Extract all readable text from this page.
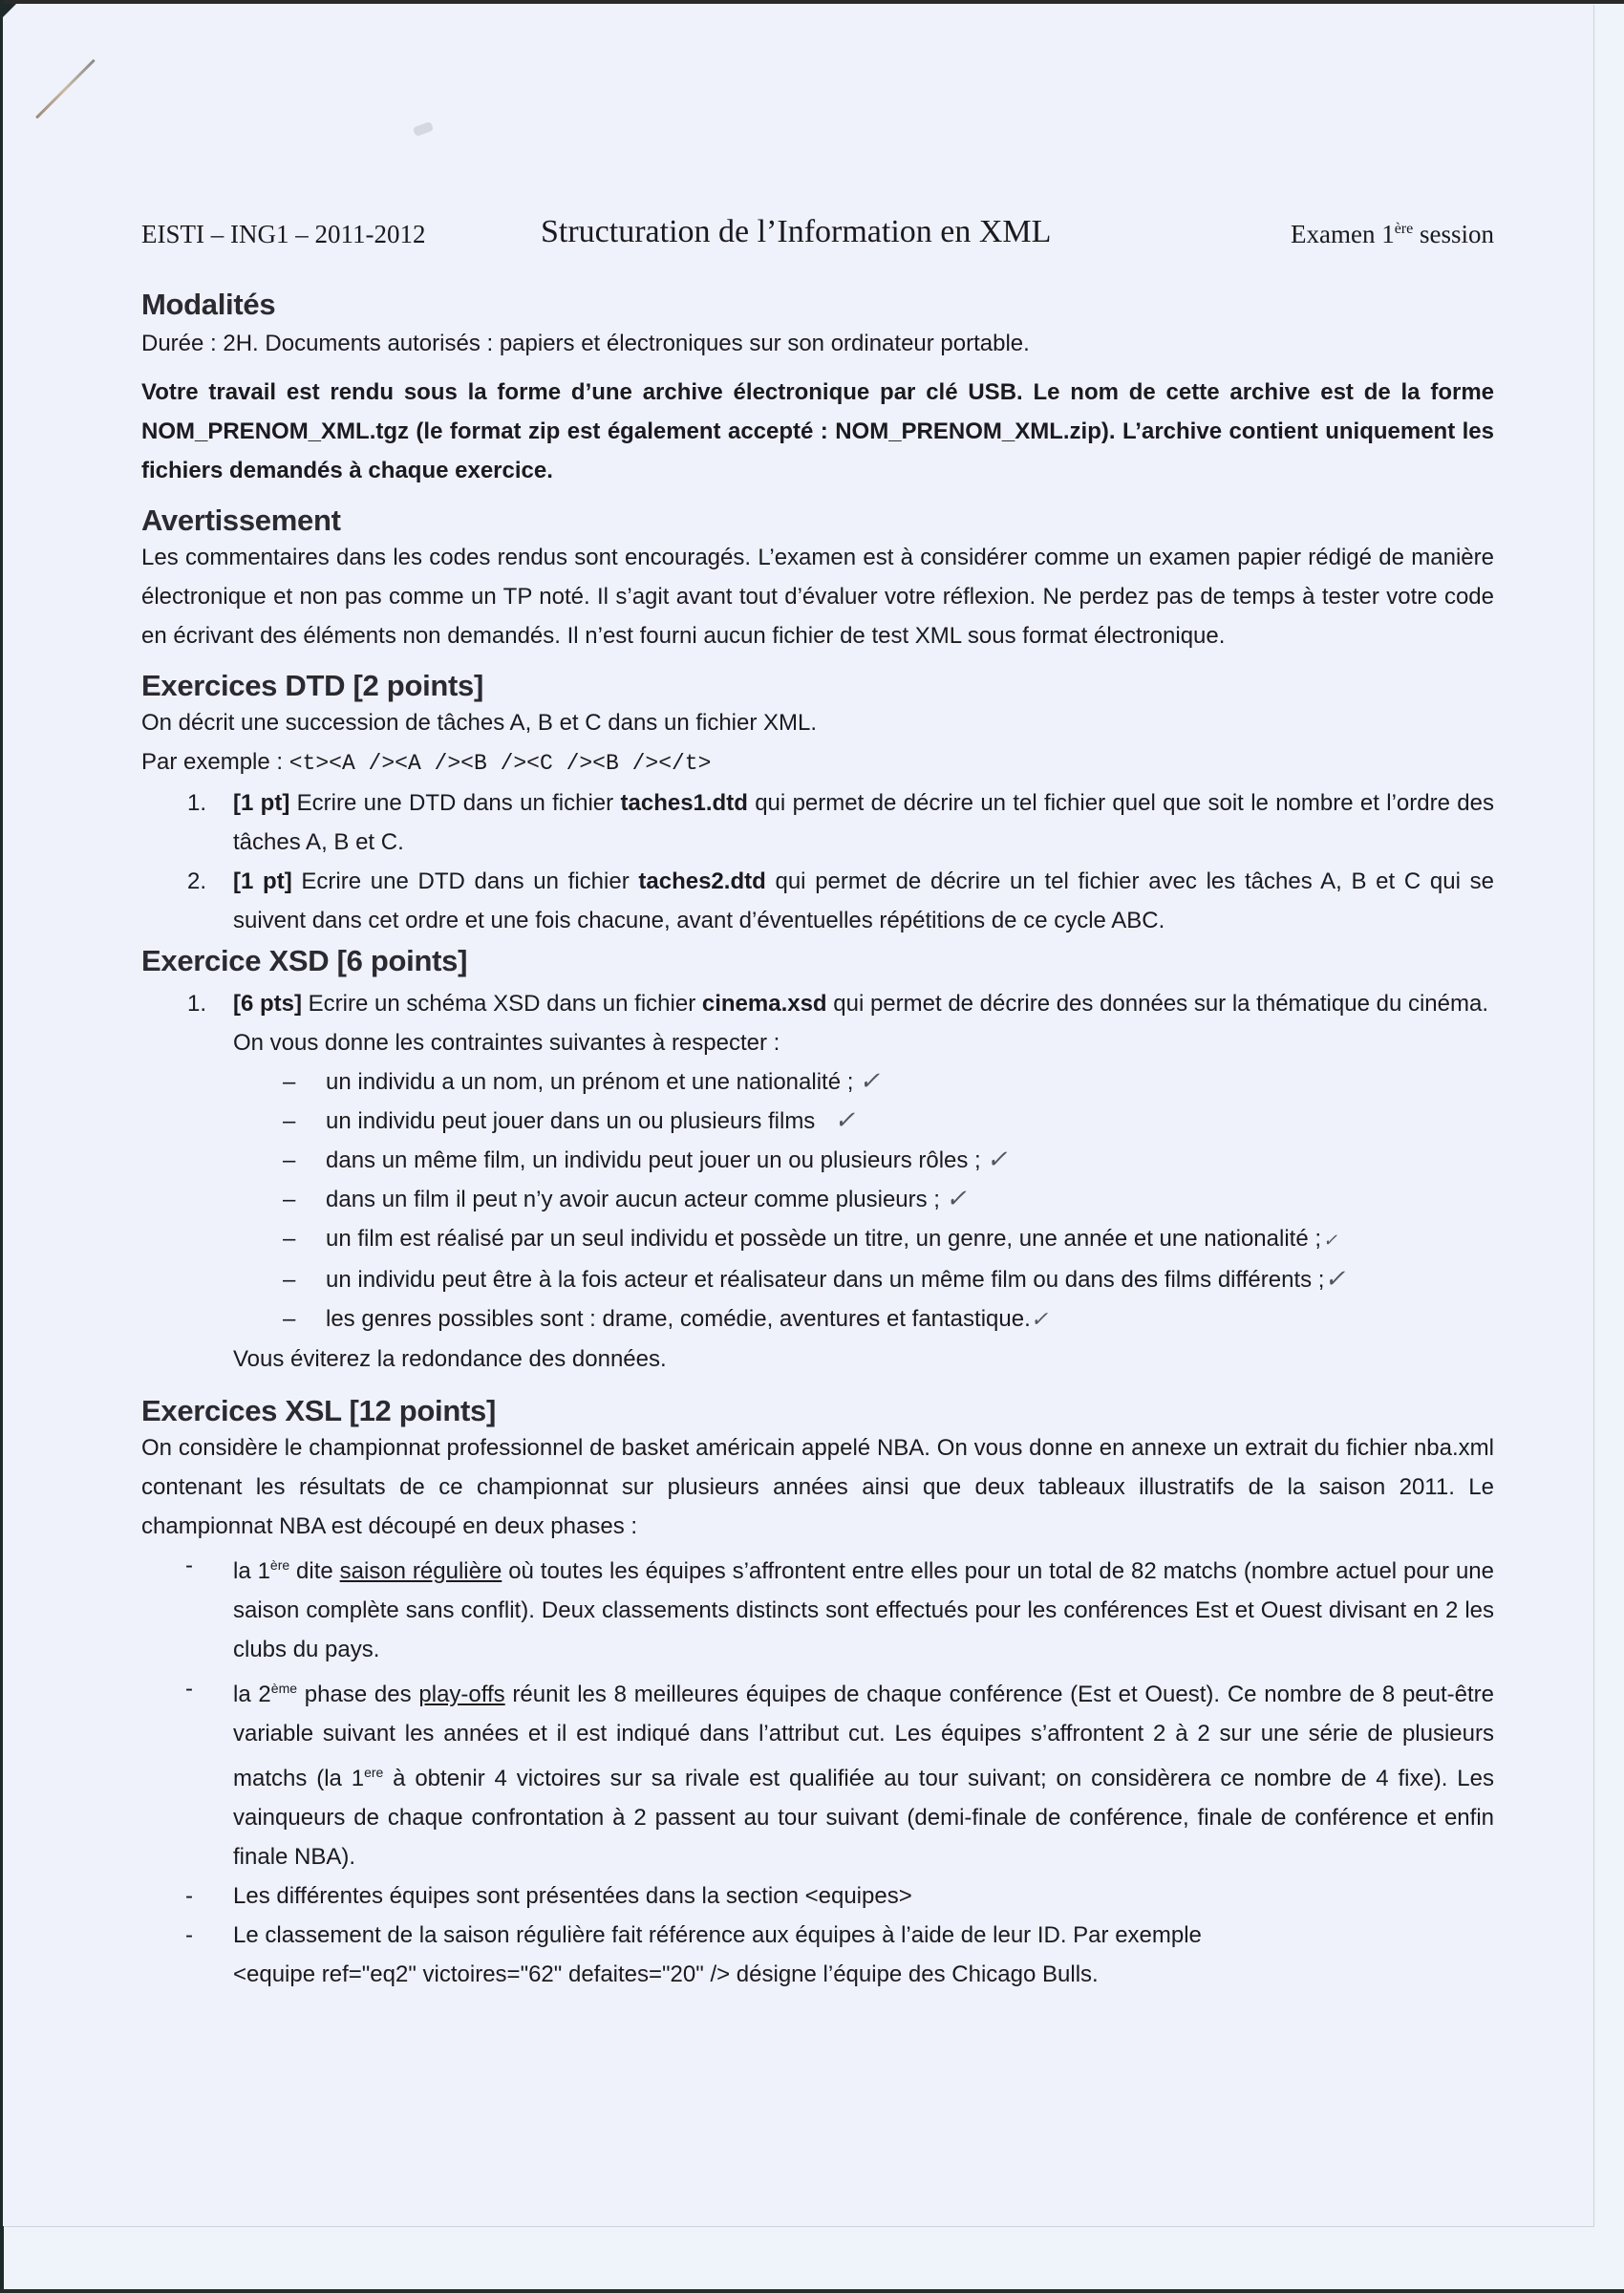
EISTI – ING1 – 2011-2012	Structuration de l’Information en XML	Examen 1ère session
Modalités

Durée : 2H. Documents autorisés : papiers et électroniques sur son ordinateur portable.

Votre travail est rendu sous la forme d’une archive électronique par clé USB. Le nom de cette archive est de la forme NOM_PRENOM_XML.tgz (le format zip est également accepté : NOM_PRENOM_XML.zip). L’archive contient uniquement les fichiers demandés à chaque exercice.

Avertissement

Les commentaires dans les codes rendus sont encouragés. L’examen est à considérer comme un examen papier rédigé de manière électronique et non pas comme un TP noté. Il s’agit avant tout d’évaluer votre réflexion. Ne perdez pas de temps à tester votre code en écrivant des éléments non demandés. Il n’est fourni aucun fichier de test XML sous format électronique.

Exercices DTD [2 points]

On décrit une succession de tâches A, B et C dans un fichier XML.

Par exemple : <t><A /><A /><B /><C /><B /></t>

1. [1 pt] Ecrire une DTD dans un fichier taches1.dtd qui permet de décrire un tel fichier quel que soit le nombre et l’ordre des tâches A, B et C.
2. [1 pt] Ecrire une DTD dans un fichier taches2.dtd qui permet de décrire un tel fichier avec les tâches A, B et C qui se suivent dans cet ordre et une fois chacune, avant d’éventuelles répétitions de ce cycle ABC.
Exercice XSD [6 points]
1. [6 pts] Ecrire un schéma XSD dans un fichier cinema.xsd qui permet de décrire des données sur la thématique du cinéma. On vous donne les contraintes suivantes à respecter :
– un individu a un nom, un prénom et une nationalité ; ✓
– un individu peut jouer dans un ou plusieurs films ✓
– dans un même film, un individu peut jouer un ou plusieurs rôles ; ✓
– dans un film il peut n’y avoir aucun acteur comme plusieurs ; ✓
– un film est réalisé par un seul individu et possède un titre, un genre, une année et une nationalité ; ✓
– un individu peut être à la fois acteur et réalisateur dans un même film ou dans des films différents ;✓
– les genres possibles sont : drame, comédie, aventures et fantastique.✓

Vous éviterez la redondance des données.

Exercices XSL [12 points]

On considère le championnat professionnel de basket américain appelé NBA. On vous donne en annexe un extrait du fichier nba.xml contenant les résultats de ce championnat sur plusieurs années ainsi que deux tableaux illustratifs de la saison 2011. Le championnat NBA est découpé en deux phases :

- la 1ère dite saison régulière où toutes les équipes s’affrontent entre elles pour un total de 82 matchs (nombre actuel pour une saison complète sans conflit). Deux classements distincts sont effectués pour les conférences Est et Ouest divisant en 2 les clubs du pays.
- la 2ème phase des play-offs réunit les 8 meilleures équipes de chaque conférence (Est et Ouest). Ce nombre de 8 peut-être variable suivant les années et il est indiqué dans l’attribut cut. Les équipes s’affrontent 2 à 2 sur une série de plusieurs matchs (la 1ere à obtenir 4 victoires sur sa rivale est qualifiée au tour suivant; on considèrera ce nombre de 4 fixe). Les vainqueurs de chaque confrontation à 2 passent au tour suivant (demi-finale de conférence, finale de conférence et enfin finale NBA).
- Les différentes équipes sont présentées dans la section <equipes>
- Le classement de la saison régulière fait référence aux équipes à l’aide de leur ID. Par exemple
<equipe ref="eq2" victoires="62" defaites="20" /> désigne l’équipe des Chicago Bulls.
